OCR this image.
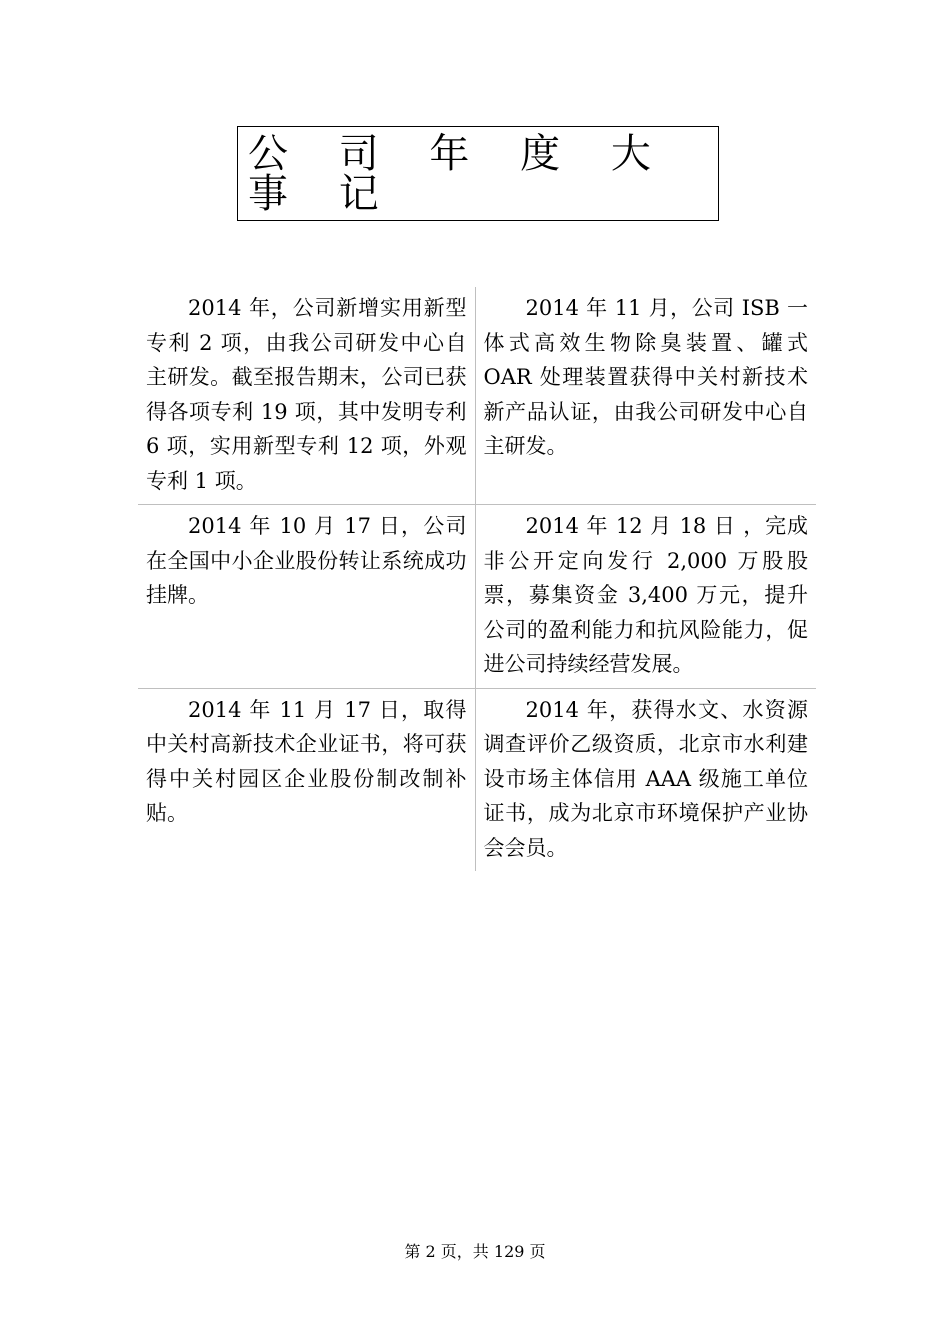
公 司 年 度 大 事 记
2014 年，公司新增实用新型专利 2 项，由我公司研发中心自主研发。截至报告期末，公司已获得各项专利 19 项，其中发明专利 6 项，实用新型专利 12 项，外观专利 1 项。	2014 年 11 月，公司 ISB 一体式高效生物除臭装置、罐式 OAR 处理装置获得中关村新技术新产品认证，由我公司研发中心自主研发。
2014 年 10 月 17 日，公司在全国中小企业股份转让系统成功挂牌。	2014 年 12 月 18 日 ，完成非公开定向发行 2,000 万股股票，募集资金 3,400 万元，提升公司的盈利能力和抗风险能力，促进公司持续经营发展。
2014 年 11 月 17 日，取得中关村高新技术企业证书，将可获得中关村园区企业股份制改制补贴。	2014 年，获得水文、水资源调查评价乙级资质，北京市水利建设市场主体信用 AAA 级施工单位证书，成为北京市环境保护产业协会会员。
第 2 页，共 129 页
